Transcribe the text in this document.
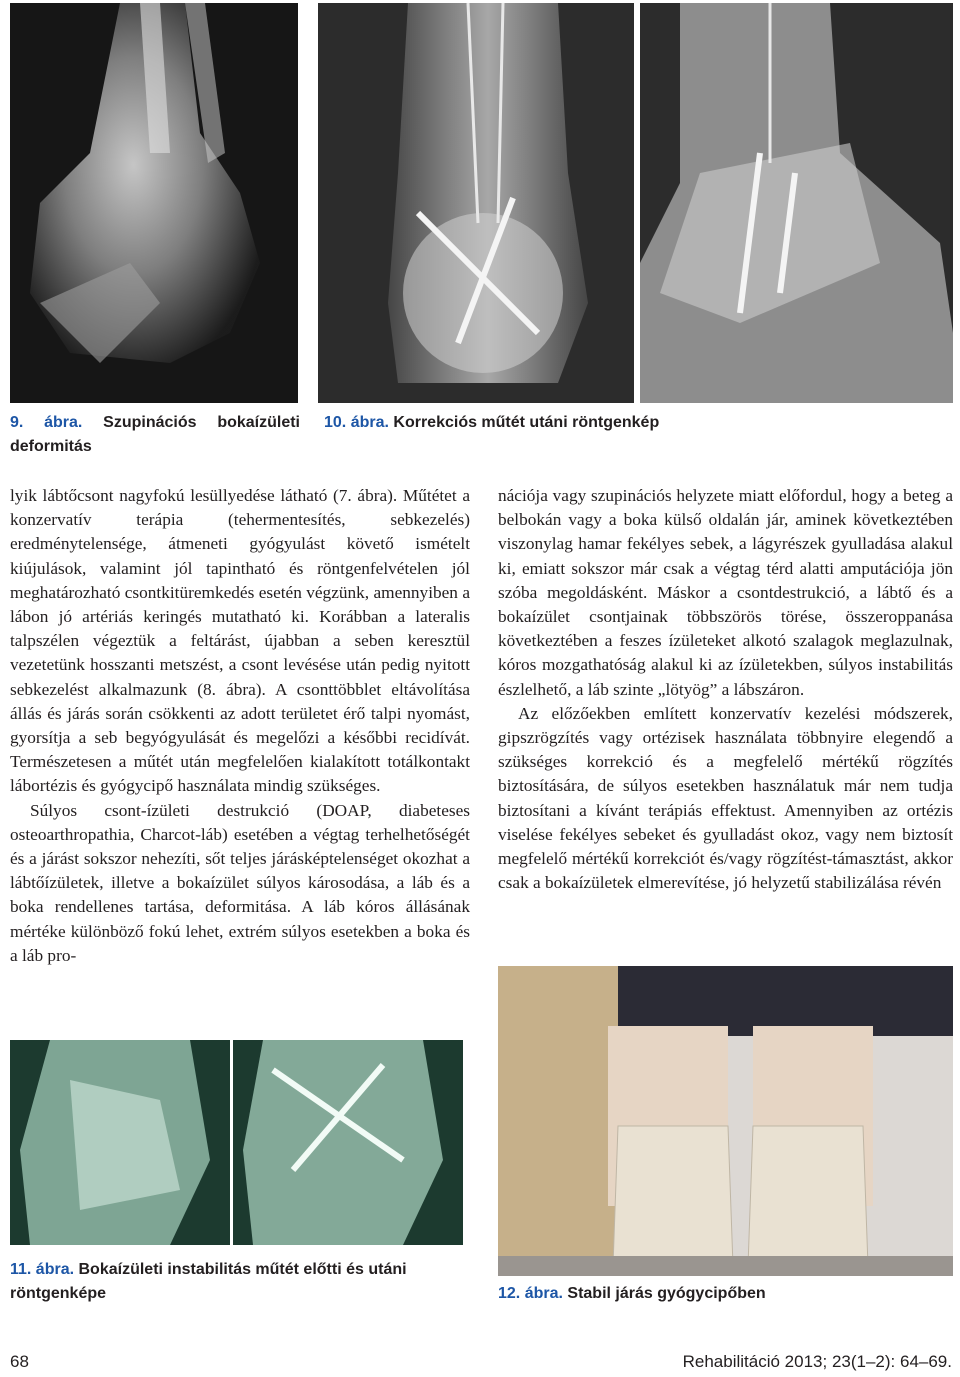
9. ábra. Szupinációs bokaízületi deformitás
10. ábra. Korrekciós műtét utáni röntgenkép

lyik lábtőcsont nagyfokú lesüllyedése látható (7. ábra). Műtétet a konzervatív terápia (tehermentesítés, sebkezelés) eredménytelensége, átmeneti gyógyulást követő ismételt kiújulások, valamint jól tapintható és röntgenfelvételen jól meghatározható csontkitüremkedés esetén végzünk, amennyiben a lábon jó artériás keringés mutatható ki. Korábban a lateralis talpszélen végeztük a feltárást, újabban a seben keresztül vezetetünk hosszanti metszést, a csont levésése után pedig nyitott sebkezelést alkalmazunk (8. ábra). A csonttöbblet eltávolítása állás és járás során csökkenti az adott területet érő talpi nyomást, gyorsítja a seb begyógyulását és megelőzi a későbbi recidívát. Természetesen a műtét után megfelelően kialakított totálkontakt lábortézis és gyógycipő használata mindig szükséges.

Súlyos csont-ízületi destrukció (DOAP, diabeteses osteoarthropathia, Charcot-láb) esetében a végtag terhelhetőségét és a járást sokszor nehezíti, sőt teljes járásképtelenséget okozhat a lábtőízületek, illetve a bokaízület súlyos károsodása, a láb és a boka rendellenes tartása, deformitása. A láb kóros állásának mértéke különböző fokú lehet, extrém súlyos esetekben a boka és a láb pro-

nációja vagy szupinációs helyzete miatt előfordul, hogy a beteg a belbokán vagy a boka külső oldalán jár, aminek következtében viszonylag hamar fekélyes sebek, a lágyrészek gyulladása alakul ki, emiatt sokszor már csak a végtag térd alatti amputációja jön szóba megoldásként. Máskor a csontdestrukció, a lábtő és a bokaízület csontjainak többszörös törése, összeroppanása következtében a feszes ízületeket alkotó szalagok meglazulnak, kóros mozgathatóság alakul ki az ízületekben, súlyos instabilitás észlelhető, a láb szinte „lötyög” a lábszáron.

Az előzőekben említett konzervatív kezelési módszerek, gipszrögzítés vagy ortézisek használata többnyire elegendő a szükséges korrekció és a megfelelő mértékű rögzítés biztosítására, de súlyos esetekben használatuk már nem tudja biztosítani a kívánt terápiás effektust. Amennyiben az ortézis viselése fekélyes sebeket és gyulladást okoz, vagy nem biztosít megfelelő mértékű korrekciót és/vagy rögzítést-támasztást, akkor csak a bokaízületek elmerevítése, jó helyzetű stabilizálása révén

11. ábra. Bokaízületi instabilitás műtét előtti és utáni röntgenképe	12. ábra. Stabil járás gyógycipőben
68	Rehabilitáció 2013; 23(1–2): 64–69.
